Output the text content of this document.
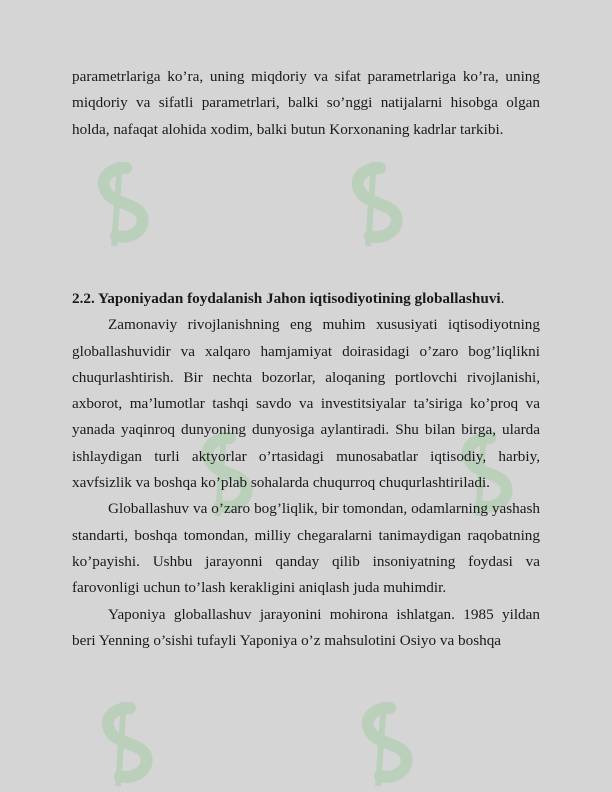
parametrlariga ko’ra, uning miqdoriy va sifat parametrlariga ko’ra, uning miqdoriy va sifatli parametrlari, balki so’nggi natijalarni hisobga olgan holda, nafaqat alohida xodim, balki butun Korxonaning kadrlar tarkibi.

2.2. Yaponiyadan foydalanish Jahon iqtisodiyotining globallashuvi.

Zamonaviy rivojlanishning eng muhim xususiyati iqtisodiyotning globallashuvidir va xalqaro hamjamiyat doirasidagi o’zaro bog’liqlikni chuqurlashtirish. Bir nechta bozorlar, aloqaning portlovchi rivojlanishi, axborot, ma’lumotlar tashqi savdo va investitsiyalar ta’siriga ko’proq va yanada yaqinroq dunyoning dunyosiga aylantiradi. Shu bilan birga, ularda ishlaydigan turli aktyorlar o’rtasidagi munosabatlar iqtisodiy, harbiy, xavfsizlik va boshqa ko’plab sohalarda chuqurroq chuqurlashtiriladi.

Globallashuv va o’zaro bog’liqlik, bir tomondan, odamlarning yashash standarti, boshqa tomondan, milliy chegaralarni tanimaydigan raqobatning ko’payishi. Ushbu jarayonni qanday qilib insoniyatning foydasi va farovonligi uchun to’lash kerakligini aniqlash juda muhimdir.

Yaponiya globallashuv jarayonini mohirona ishlatgan. 1985 yildan beri Yenning o’sishi tufayli Yaponiya o’z mahsulotini Osiyo va boshqa
